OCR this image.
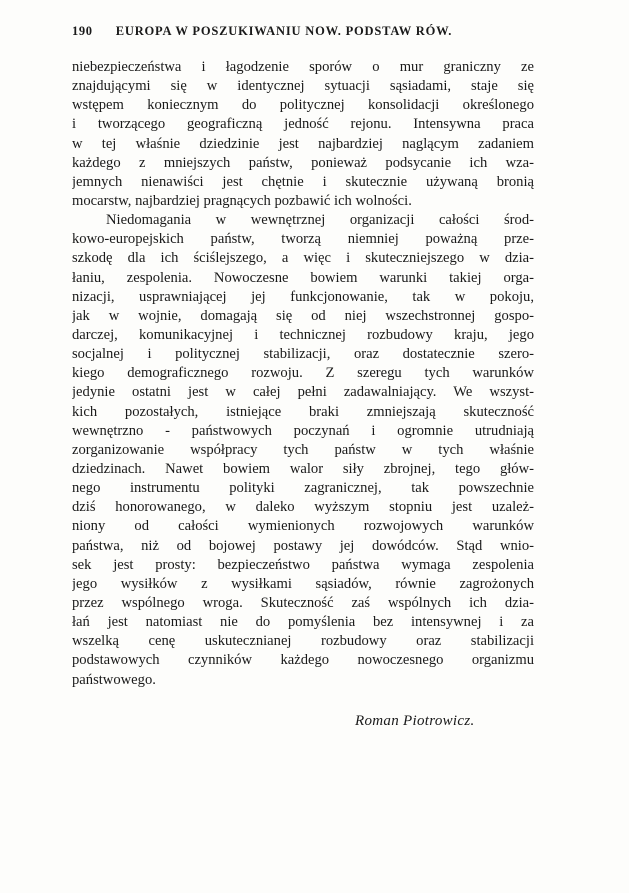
190 EUROPA W POSZUKIWANIU NOW. PODSTAW RÓW.
niebezpieczeństwa i łagodzenie sporów o mur graniczny ze
znajdującymi się w identycznej sytuacji sąsiadami, staje się
wstępem koniecznym do politycznej konsolidacji określonego
i tworzącego geograficzną jedność rejonu. Intensywna praca
w tej właśnie dziedzinie jest najbardziej naglącym zadaniem
każdego z mniejszych państw, ponieważ podsycanie ich wza-
jemnych nienawiści jest chętnie i skutecznie używaną bronią
mocarstw, najbardziej pragnących pozbawić ich wolności.
Niedomagania w wewnętrznej organizacji całości środ-
kowo-europejskich państw, tworzą niemniej poważną prze-
szkodę dla ich ściślejszego, a więc i skuteczniejszego w dzia-
łaniu, zespolenia. Nowoczesne bowiem warunki takiej orga-
nizacji, usprawniającej jej funkcjonowanie, tak w pokoju,
jak w wojnie, domagają się od niej wszechstronnej gospo-
darczej, komunikacyjnej i technicznej rozbudowy kraju, jego
socjalnej i politycznej stabilizacji, oraz dostatecznie szero-
kiego demograficznego rozwoju. Z szeregu tych warunków
jedynie ostatni jest w całej pełni zadawalniający. We wszyst-
kich pozostałych, istniejące braki zmniejszają skuteczność
wewnętrzno - państwowych poczynań i ogromnie utrudniają
zorganizowanie współpracy tych państw w tych właśnie
dziedzinach. Nawet bowiem walor siły zbrojnej, tego głów-
nego instrumentu polityki zagranicznej, tak powszechnie
dziś honorowanego, w daleko wyższym stopniu jest uzależ-
niony od całości wymienionych rozwojowych warunków
państwa, niż od bojowej postawy jej dowódców. Stąd wnio-
sek jest prosty: bezpieczeństwo państwa wymaga zespolenia
jego wysiłków z wysiłkami sąsiadów, równie zagrożonych
przez wspólnego wroga. Skuteczność zaś wspólnych ich dzia-
łań jest natomiast nie do pomyślenia bez intensywnej i za
wszelką cenę uskutecznianej rozbudowy oraz stabilizacji
podstawowych czynników każdego nowoczesnego organizmu
państwowego.
Roman Piotrowicz.
